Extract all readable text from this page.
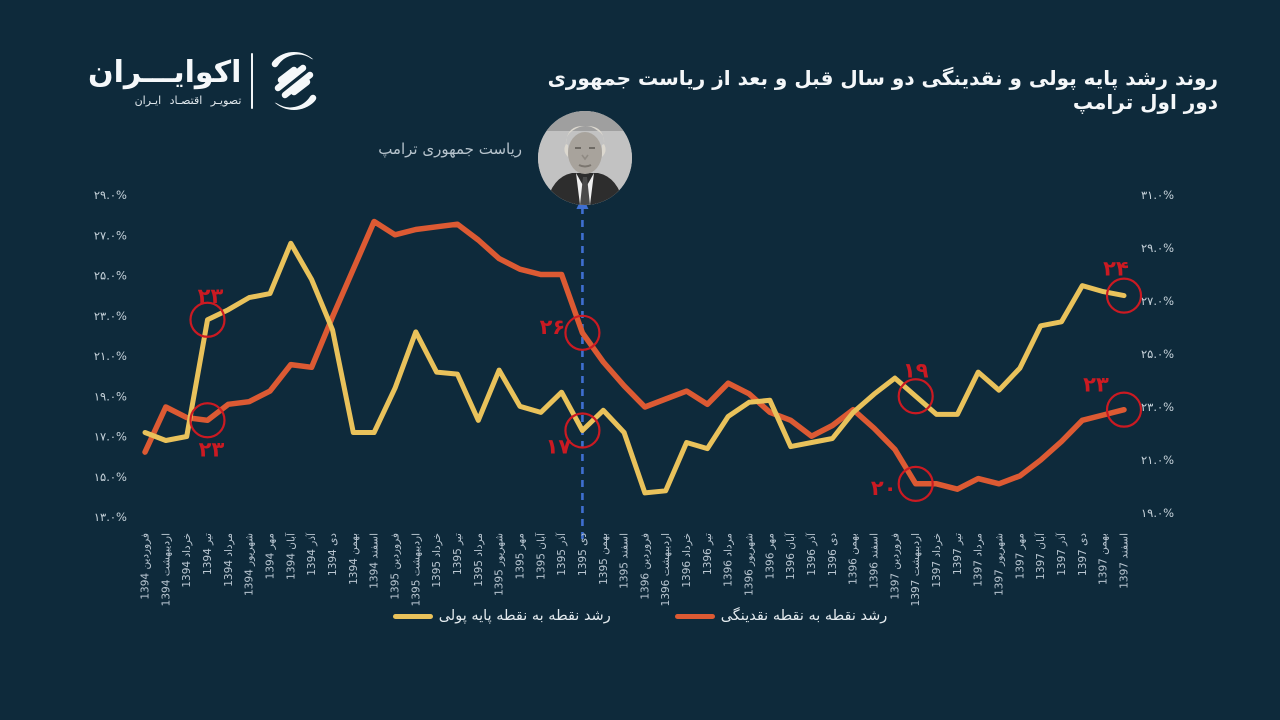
۲۹.۰%
۲۷.۰%
۲۵.۰%
۲۳.۰%
۲۱.۰%
۱۹.۰%
۱۷.۰%
۱۵.۰%
۱۳.۰%
۳۱.۰%
۲۹.۰%
۲۷.۰%
۲۵.۰%
۲۳.۰%
۲۱.۰%
۱۹.۰%
فروردین 1394
اردیبهشت 1394 خرداد 1394
تیر 1394
مرداد 1394
شهریور 1394 مهر 1394
آبان 1394
آذر 1394
دی 1394
بهمن 1394
اسفند 1394
فروردین 1395
اردیبهشت 1395 خرداد 1395
تیر 1395
مرداد 1395
شهریور 1395 مهر 1395
آبان 1395
آذر 1395
دی 1395
بهمن 1395
اسفند 1395
فروردین 1396
اردیبهشت 1396 خرداد 1396
تیر 1396
مرداد 1396
شهریور 1396 مهر 1396
آبان 1396
آذر 1396
دی 1396
بهمن 1396
اسفند 1396
فروردین 1397
اردیبهشت 1397 خرداد 1397
تیر 1397
مرداد 1397
شهریور 1397 مهر 1397
آبان 1397
آذر 1397
دی 1397
بهمن 1397
اسفند 1397
۲۳
۲۳
۲۶
۱۷
۱۹
۲۰
۲۴
۲۳
اکوایـــران
تصویـر اقتصـاد ایـران
روند رشد پایه پولی و نقدینگی دو سال قبل و بعد از ریاست جمهوری دور اول ترامپ
ریاست جمهوری ترامپ
رشد نقطه به نقطه نقدینگی
رشد نقطه به نقطه پایه پولی
